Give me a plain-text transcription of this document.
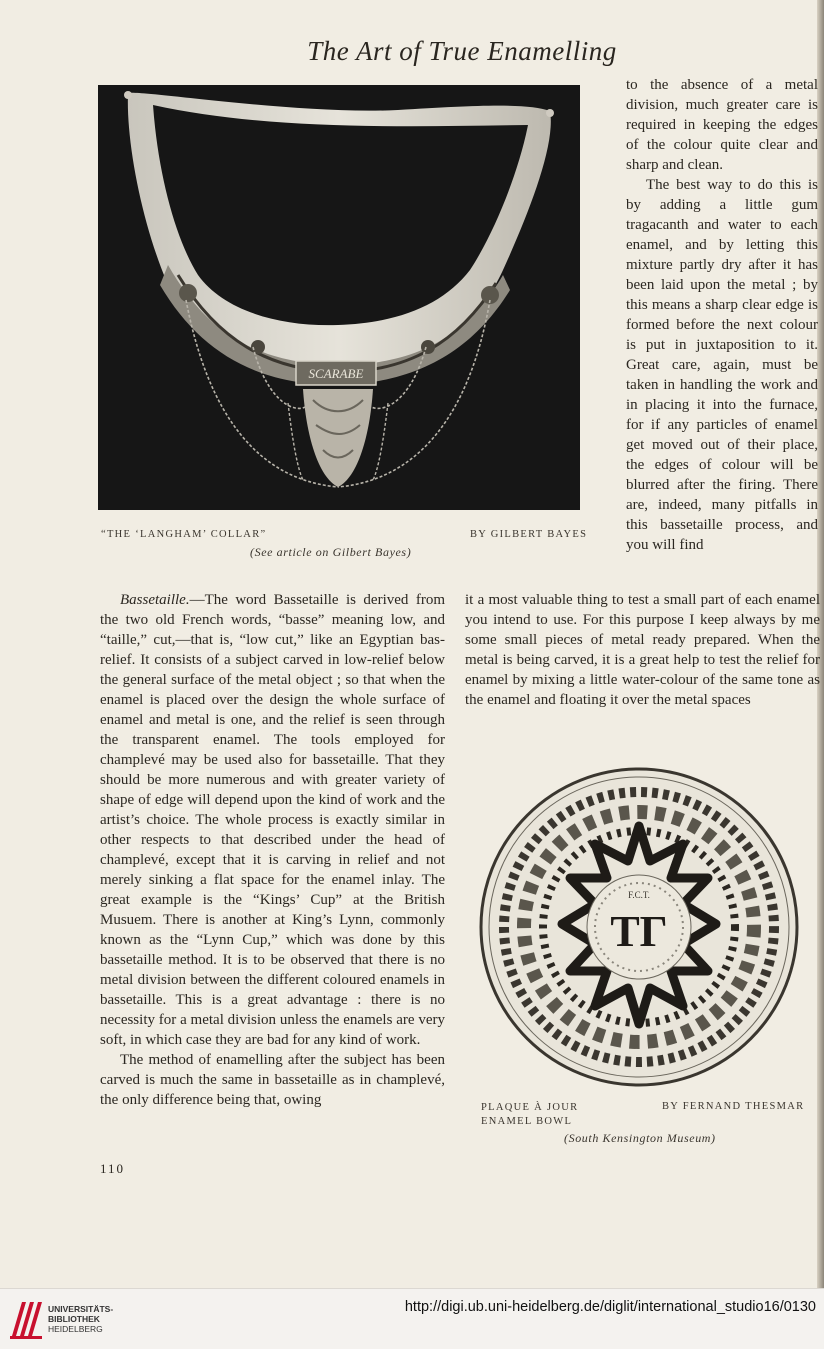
The Art of True Enamelling
SCARABE
“THE ‘LANGHAM’ COLLAR”	BY GILBERT BAYES
(See article on Gilbert Bayes)

to the absence of a metal division, much greater care is required in keeping the edges of the colour quite clear and sharp and clean.

The best way to do this is by adding a little gum tragacanth and water to each enamel, and by letting this mixture partly dry after it has been laid upon the metal ; by this means a sharp clear edge is formed before the next colour is put in juxtaposition to it. Great care, again, must be taken in handling the work and in placing it into the furnace, for if any particles of enamel get moved out of their place, the edges of colour will be blurred after the firing. There are, indeed, many pitfalls in this bassetaille process, and you will find

Bassetaille.—The word Bassetaille is derived from the two old French words, “basse” meaning low, and “taille,” cut,—that is, “low cut,” like an Egyptian bas-relief. It consists of a subject carved in low-relief below the general surface of the metal object ; so that when the enamel is placed over the design the whole surface of enamel and metal is one, and the relief is seen through the transparent enamel. The tools employed for champlevé may be used also for bassetaille. That they should be more numerous and with greater variety of shape of edge will depend upon the kind of work and the artist’s choice. The whole process is exactly similar in other respects to that described under the head of champlevé, except that it is carving in relief and not merely sinking a flat space for the enamel inlay. The great example is the “Kings’ Cup” at the British Musuem. There is another at King’s Lynn, commonly known as the “Lynn Cup,” which was done by this bassetaille method. It is to be observed that there is no metal division between the different coloured enamels in bassetaille. This is a great advantage : there is no necessity for a metal division unless the enamels are very soft, in which case they are bad for any kind of work.

The method of enamelling after the subject has been carved is much the same in bassetaille as in champlevé, the only difference being that, owing

it a most valuable thing to test a small part of each enamel you intend to use. For this purpose I keep always by me some small pieces of metal ready prepared. When the metal is being carved, it is a great help to test the relief for enamel by mixing a little water-colour of the same tone as the enamel and floating it over the metal spaces

F.C.T.
ТГ
PLAQUE À JOUR
ENAMEL BOWL
BY FERNAND THESMAR
(South Kensington Museum)
110
UNIVERSITÄTS-
BIBLIOTHEK
HEIDELBERG
http://digi.ub.uni-heidelberg.de/diglit/international_studio16/0130
